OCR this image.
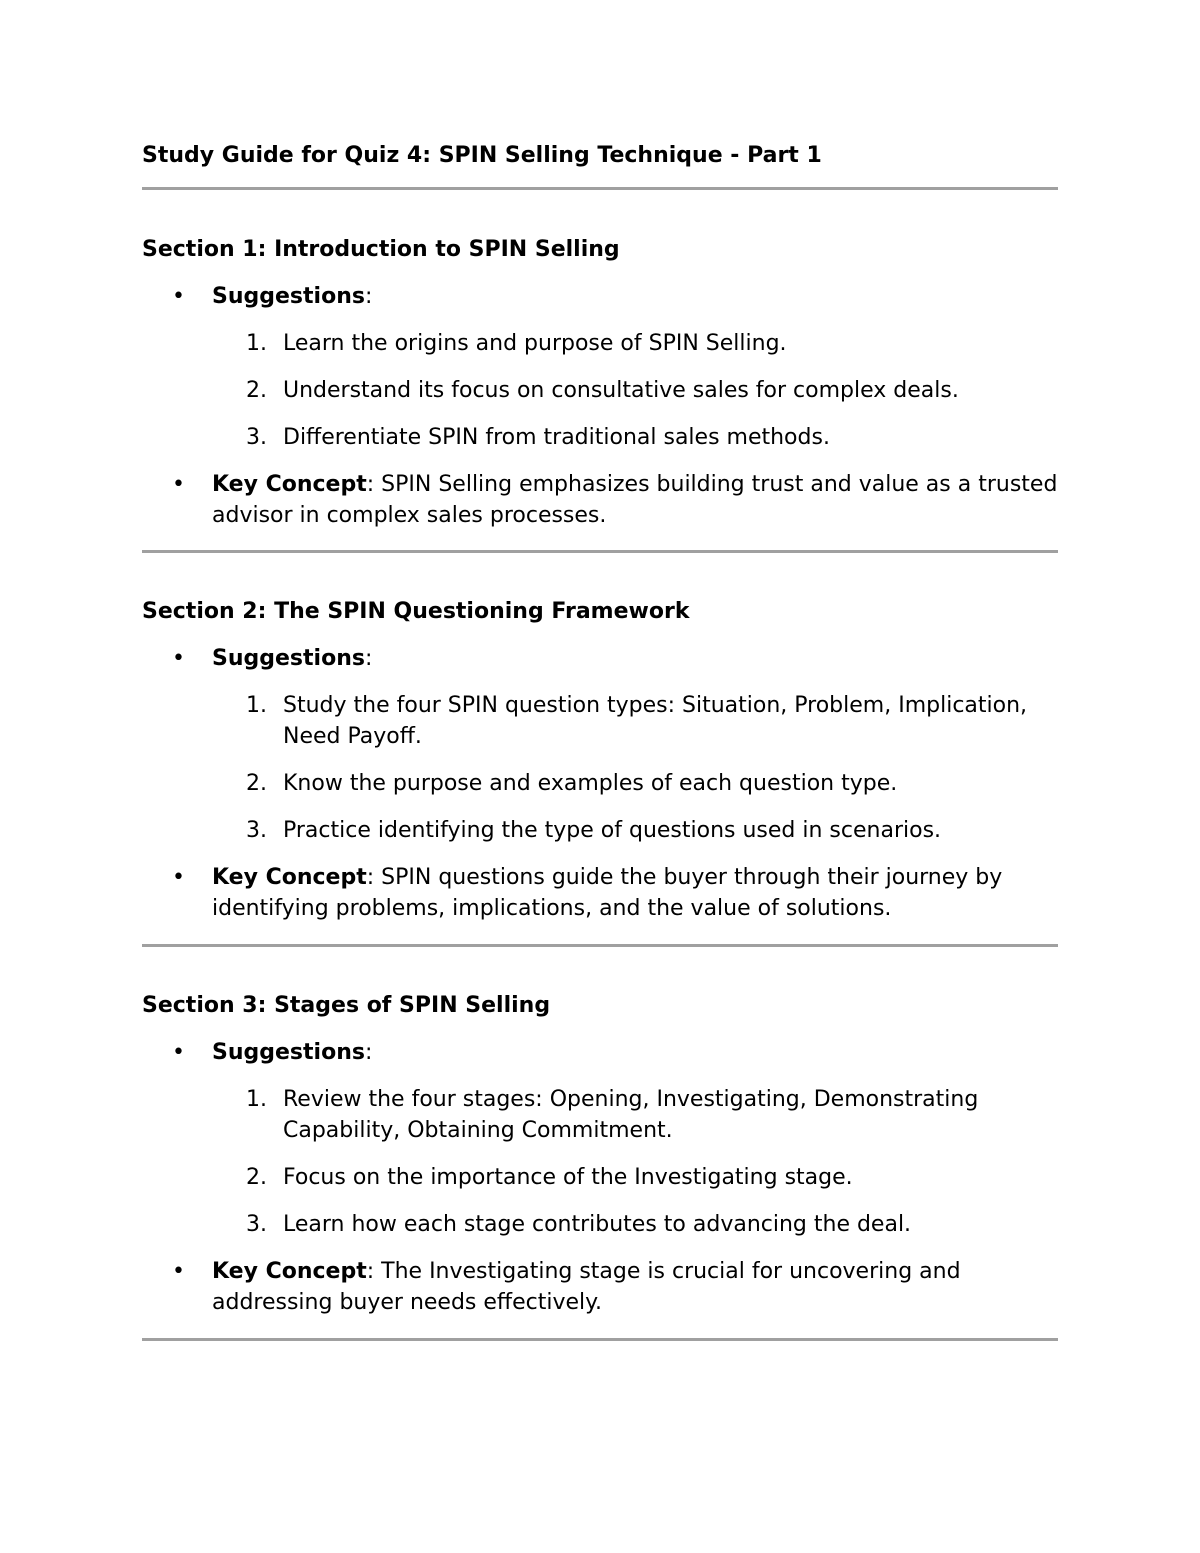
Study Guide for Quiz 4: SPIN Selling Technique - Part 1
Section 1: Introduction to SPIN Selling
• Suggestions:
1. Learn the origins and purpose of SPIN Selling.
2. Understand its focus on consultative sales for complex deals.
3. Differentiate SPIN from traditional sales methods.
• Key Concept: SPIN Selling emphasizes building trust and value as a trusted advisor in complex sales processes.
Section 2: The SPIN Questioning Framework
• Suggestions:
1. Study the four SPIN question types: Situation, Problem, Implication, Need Payoff.
2. Know the purpose and examples of each question type.
3. Practice identifying the type of questions used in scenarios.
• Key Concept: SPIN questions guide the buyer through their journey by identifying problems, implications, and the value of solutions.
Section 3: Stages of SPIN Selling
• Suggestions:
1. Review the four stages: Opening, Investigating, Demonstrating Capability, Obtaining Commitment.
2. Focus on the importance of the Investigating stage.
3. Learn how each stage contributes to advancing the deal.
• Key Concept: The Investigating stage is crucial for uncovering and addressing buyer needs effectively.
